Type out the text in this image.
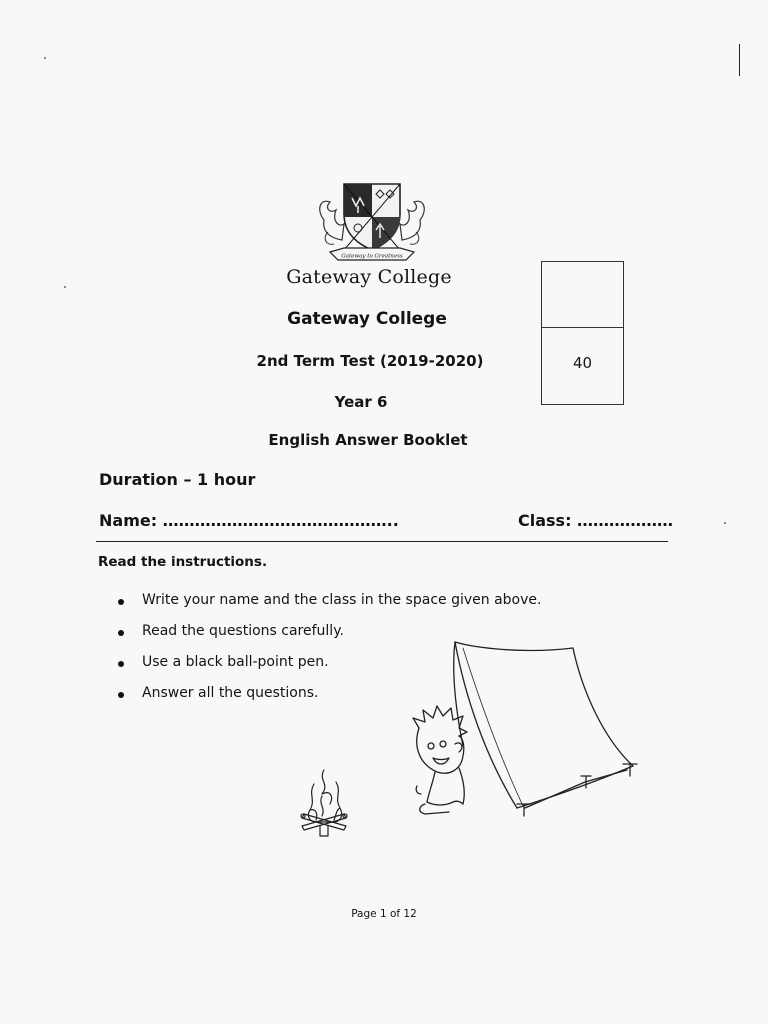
Gateway to Greatness
Gateway College
Gateway College
2nd Term Test (2019-2020)
Year 6
English Answer Booklet
40
Duration – 1 hour
Name: ……………………………………..	Class: ………………
Read the instructions.
Write your name and the class in the space given above.
Read the questions carefully.
Use a black ball-point pen.
Answer all the questions.
Page 1 of 12
